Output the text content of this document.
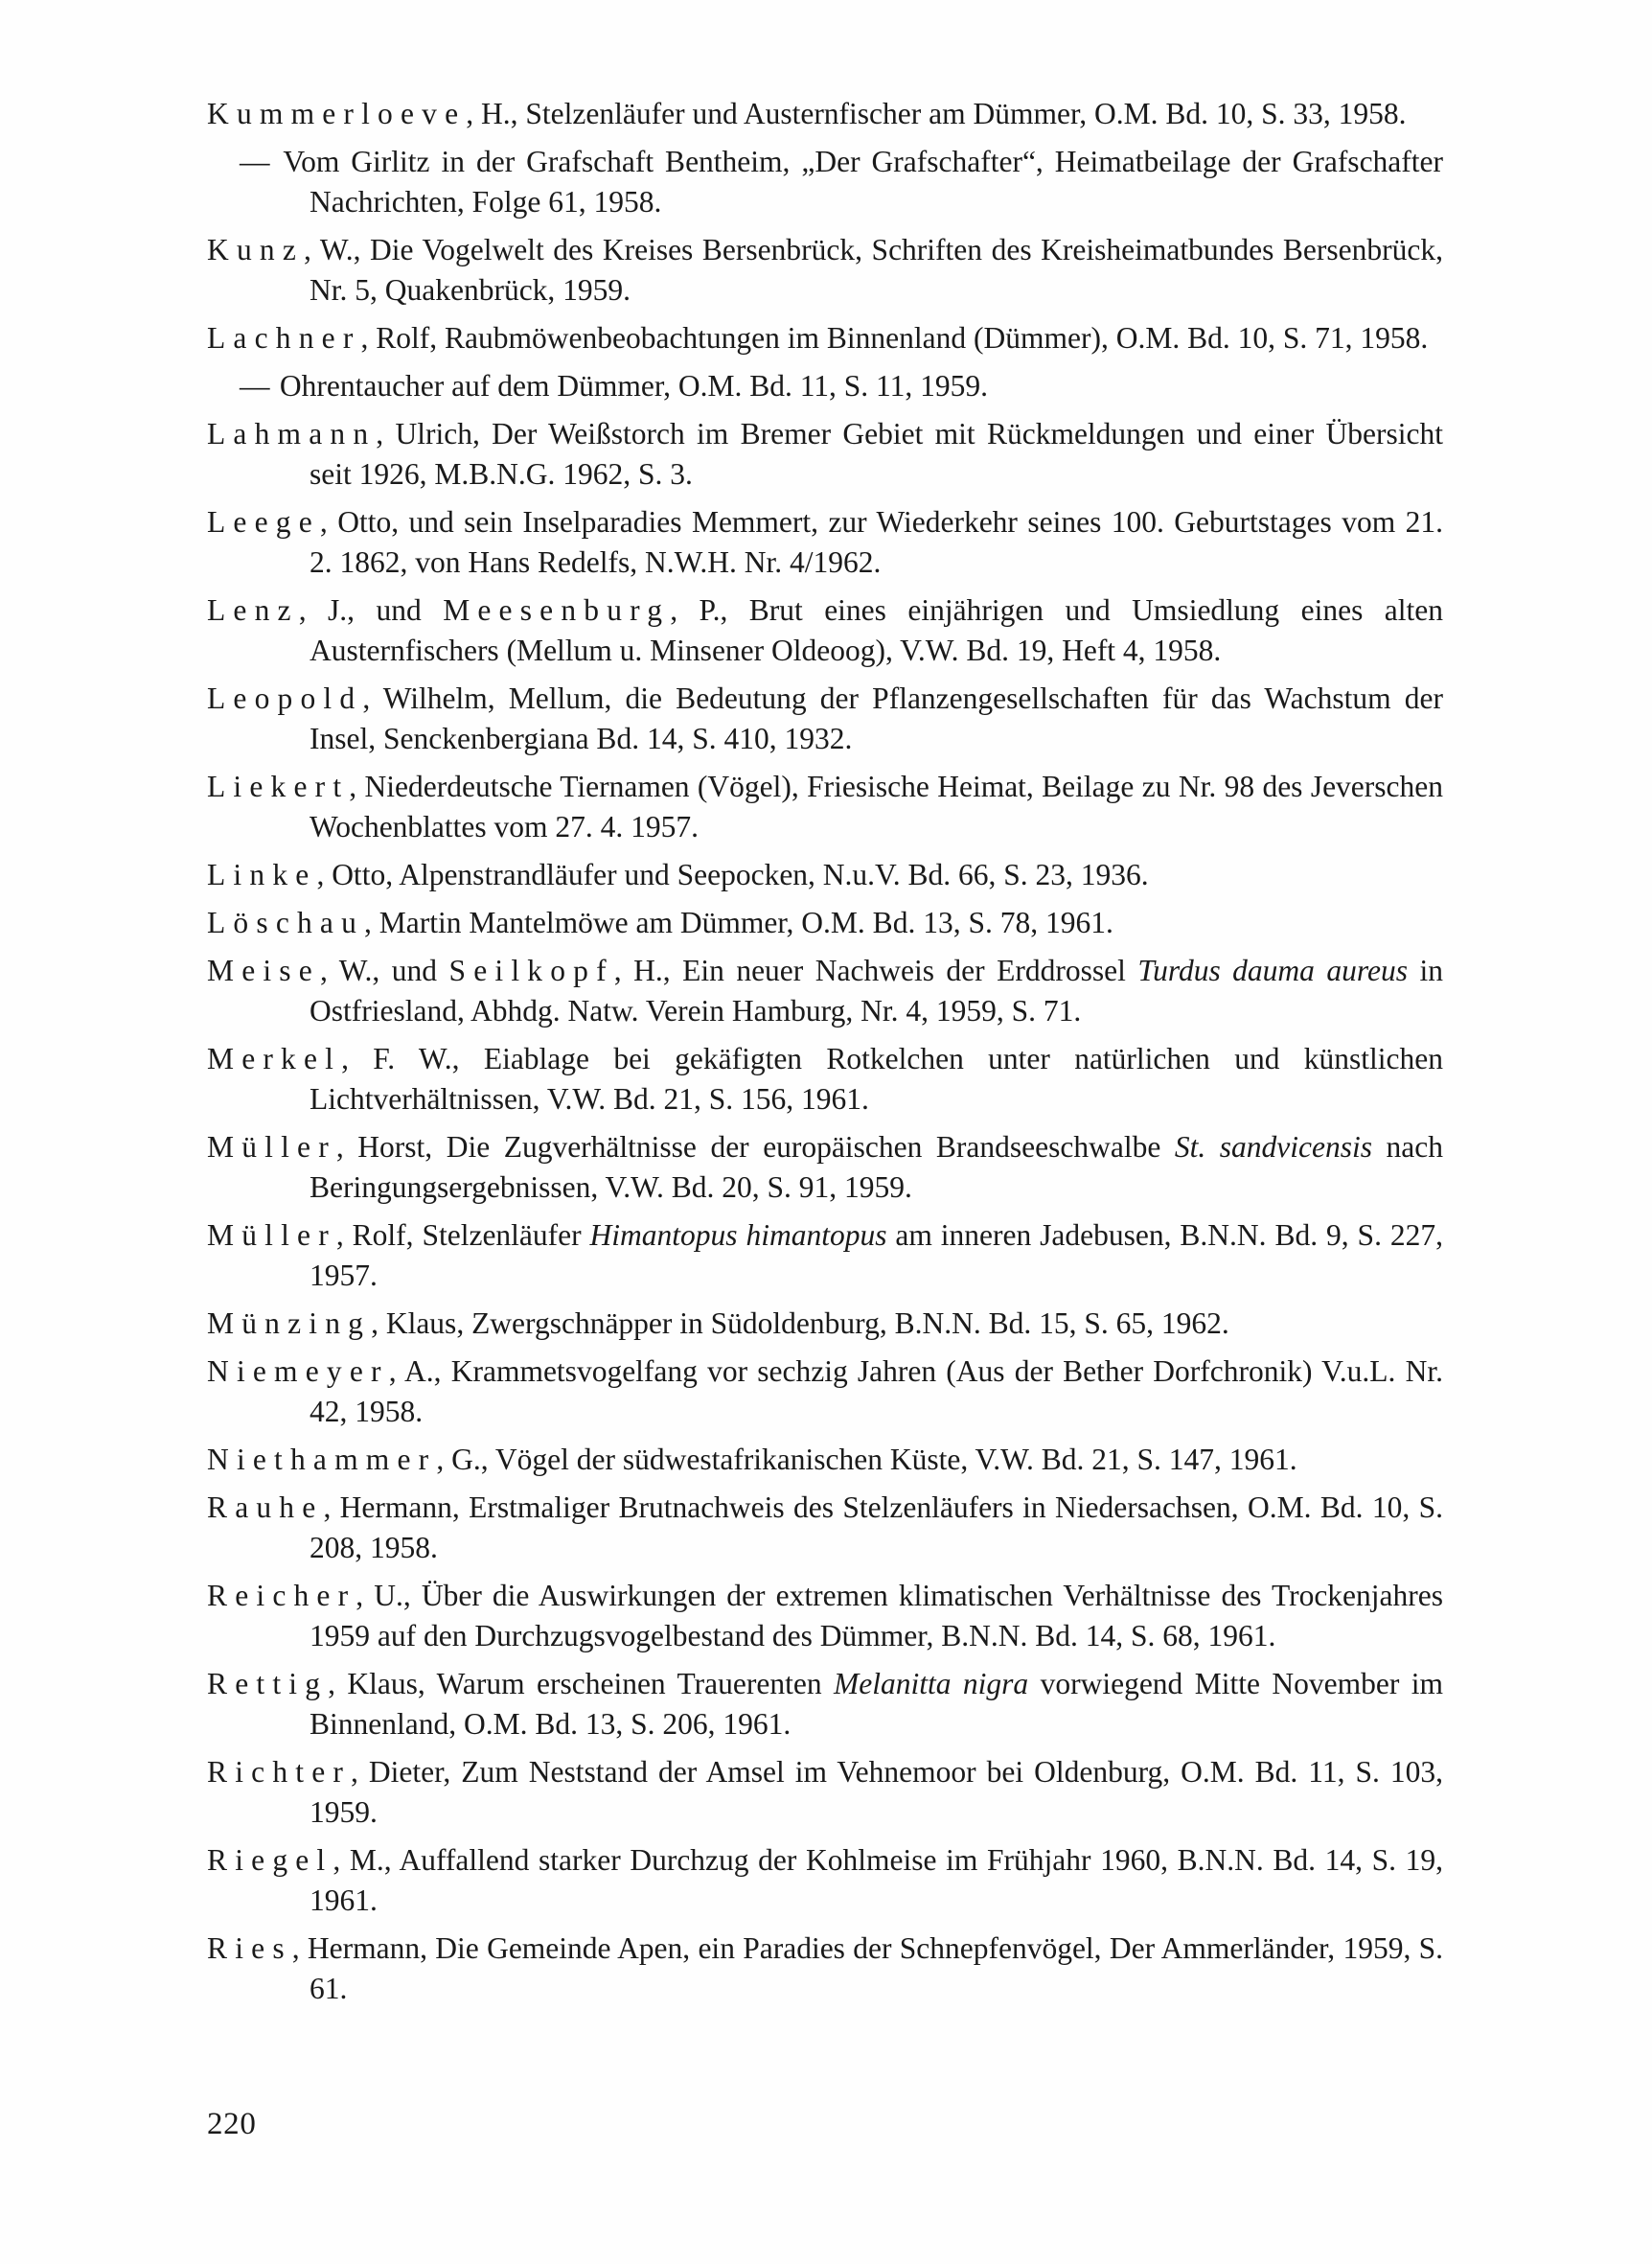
Kummerloeve, H., Stelzenläufer und Austernfischer am Dümmer, O.M. Bd. 10, S. 33, 1958.
— Vom Girlitz in der Grafschaft Bentheim, „Der Grafschafter“, Heimatbeilage der Grafschafter Nachrichten, Folge 61, 1958.
Kunz, W., Die Vogelwelt des Kreises Bersenbrück, Schriften des Kreisheimatbundes Bersenbrück, Nr. 5, Quakenbrück, 1959.
Lachner, Rolf, Raubmöwenbeobachtungen im Binnenland (Dümmer), O.M. Bd. 10, S. 71, 1958.
— Ohrentaucher auf dem Dümmer, O.M. Bd. 11, S. 11, 1959.
Lahmann, Ulrich, Der Weißstorch im Bremer Gebiet mit Rückmeldungen und einer Übersicht seit 1926, M.B.N.G. 1962, S. 3.
Leege, Otto, und sein Inselparadies Memmert, zur Wiederkehr seines 100. Geburtstages vom 21. 2. 1862, von Hans Redelfs, N.W.H. Nr. 4/1962.
Lenz, J., und Meesenburg, P., Brut eines einjährigen und Umsiedlung eines alten Austernfischers (Mellum u. Minsener Oldeoog), V.W. Bd. 19, Heft 4, 1958.
Leopold, Wilhelm, Mellum, die Bedeutung der Pflanzengesellschaften für das Wachstum der Insel, Senckenbergiana Bd. 14, S. 410, 1932.
Liekert, Niederdeutsche Tiernamen (Vögel), Friesische Heimat, Beilage zu Nr. 98 des Jeverschen Wochenblattes vom 27. 4. 1957.
Linke, Otto, Alpenstrandläufer und Seepocken, N.u.V. Bd. 66, S. 23, 1936.
Löschau, Martin Mantelmöwe am Dümmer, O.M. Bd. 13, S. 78, 1961.
Meise, W., und Seilkopf, H., Ein neuer Nachweis der Erddrossel Turdus dauma aureus in Ostfriesland, Abhdg. Natw. Verein Hamburg, Nr. 4, 1959, S. 71.
Merkel, F. W., Eiablage bei gekäfigten Rotkelchen unter natürlichen und künstlichen Lichtverhältnissen, V.W. Bd. 21, S. 156, 1961.
Müller, Horst, Die Zugverhältnisse der europäischen Brandseeschwalbe St. sandvicensis nach Beringungsergebnissen, V.W. Bd. 20, S. 91, 1959.
Müller, Rolf, Stelzenläufer Himantopus himantopus am inneren Jadebusen, B.N.N. Bd. 9, S. 227, 1957.
Münzing, Klaus, Zwergschnäpper in Südoldenburg, B.N.N. Bd. 15, S. 65, 1962.
Niemeyer, A., Krammetsvogelfang vor sechzig Jahren (Aus der Bether Dorfchronik) V.u.L. Nr. 42, 1958.
Niethammer, G., Vögel der südwestafrikanischen Küste, V.W. Bd. 21, S. 147, 1961.
Rauhe, Hermann, Erstmaliger Brutnachweis des Stelzenläufers in Niedersachsen, O.M. Bd. 10, S. 208, 1958.
Reicher, U., Über die Auswirkungen der extremen klimatischen Verhältnisse des Trockenjahres 1959 auf den Durchzugsvogelbestand des Dümmer, B.N.N. Bd. 14, S. 68, 1961.
Rettig, Klaus, Warum erscheinen Trauerenten Melanitta nigra vorwiegend Mitte November im Binnenland, O.M. Bd. 13, S. 206, 1961.
Richter, Dieter, Zum Neststand der Amsel im Vehnemoor bei Oldenburg, O.M. Bd. 11, S. 103, 1959.
Riegel, M., Auffallend starker Durchzug der Kohlmeise im Frühjahr 1960, B.N.N. Bd. 14, S. 19, 1961.
Ries, Hermann, Die Gemeinde Apen, ein Paradies der Schnepfenvögel, Der Ammerländer, 1959, S. 61.
220
